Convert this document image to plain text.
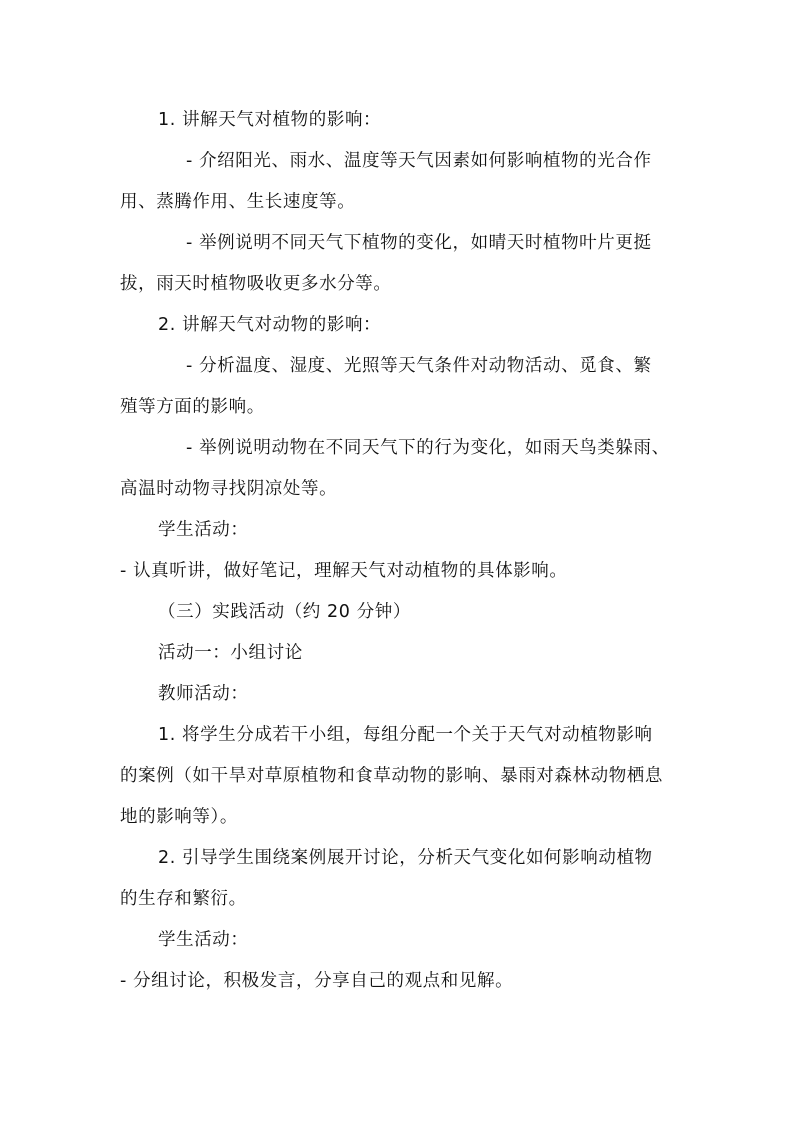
1. 讲解天气对植物的影响：
- 介绍阳光、雨水、温度等天气因素如何影响植物的光合作
用、蒸腾作用、生长速度等。
- 举例说明不同天气下植物的变化，如晴天时植物叶片更挺
拔，雨天时植物吸收更多水分等。
2. 讲解天气对动物的影响：
- 分析温度、湿度、光照等天气条件对动物活动、觅食、繁
殖等方面的影响。
- 举例说明动物在不同天气下的行为变化，如雨天鸟类躲雨、
高温时动物寻找阴凉处等。
学生活动：
- 认真听讲，做好笔记，理解天气对动植物的具体影响。
（三）实践活动（约 20 分钟）
活动一：小组讨论
教师活动：
1. 将学生分成若干小组，每组分配一个关于天气对动植物影响
的案例（如干旱对草原植物和食草动物的影响、暴雨对森林动物栖息
地的影响等）。
2. 引导学生围绕案例展开讨论，分析天气变化如何影响动植物
的生存和繁衍。
学生活动：
- 分组讨论，积极发言，分享自己的观点和见解。
